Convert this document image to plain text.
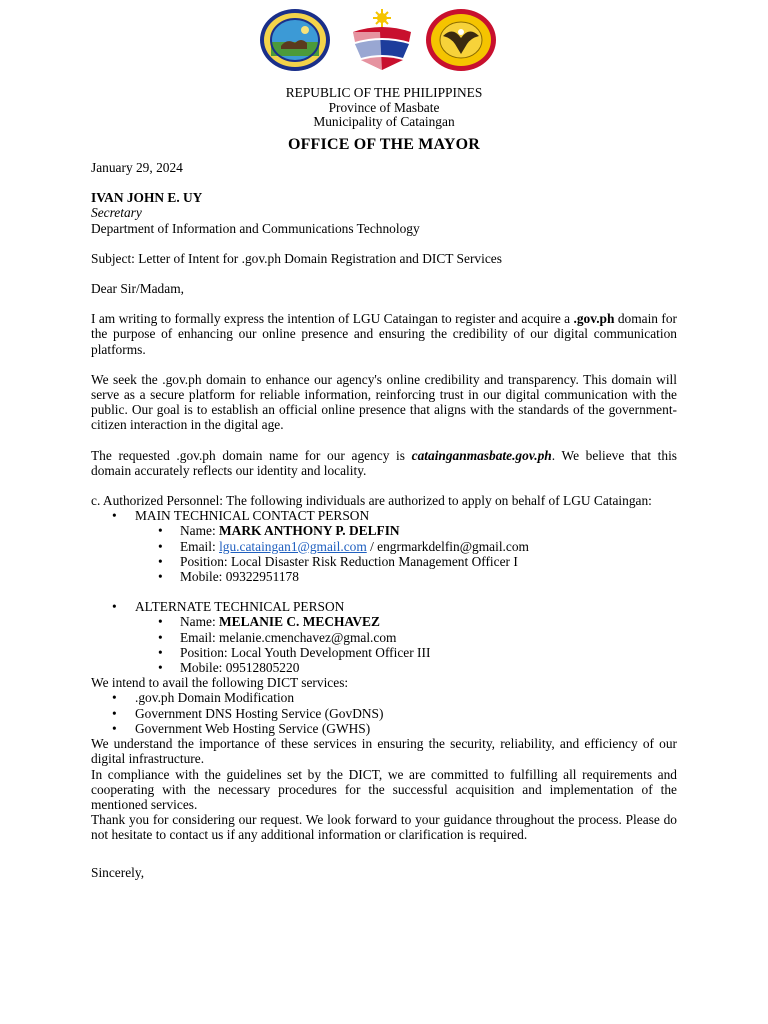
REPUBLIC OF THE PHILIPPINES
Province of Masbate
Municipality of Cataingan
OFFICE OF THE MAYOR

January 29, 2024

IVAN JOHN E. UY

Secretary

Department of Information and Communications Technology

Subject: Letter of Intent for .gov.ph Domain Registration and DICT Services

Dear Sir/Madam,

I am writing to formally express the intention of LGU Cataingan to register and acquire a .gov.ph domain for the purpose of enhancing our online presence and ensuring the credibility of our digital communication platforms.

We seek the .gov.ph domain to enhance our agency's online credibility and transparency. This domain will serve as a secure platform for reliable information, reinforcing trust in our digital communication with the public. Our goal is to establish an official online presence that aligns with the standards of the government-citizen interaction in the digital age.

The requested .gov.ph domain name for our agency is catainganmasbate.gov.ph. We believe that this domain accurately reflects our identity and locality.

c. Authorized Personnel: The following individuals are authorized to apply on behalf of LGU Cataingan:

• MAIN TECHNICAL CONTACT PERSON
• Name: MARK ANTHONY P. DELFIN
• Email: lgu.cataingan1@gmail.com / engrmarkdelfin@gmail.com
• Position: Local Disaster Risk Reduction Management Officer I
• Mobile: 09322951178
• ALTERNATE TECHNICAL PERSON
• Name: MELANIE C. MECHAVEZ
• Email: melanie.cmenchavez@gmal.com
• Position: Local Youth Development Officer III
• Mobile: 09512805220

We intend to avail the following DICT services:

• .gov.ph Domain Modification
• Government DNS Hosting Service (GovDNS)
• Government Web Hosting Service (GWHS)

We understand the importance of these services in ensuring the security, reliability, and efficiency of our digital infrastructure.

In compliance with the guidelines set by the DICT, we are committed to fulfilling all requirements and cooperating with the necessary procedures for the successful acquisition and implementation of the mentioned services.

Thank you for considering our request. We look forward to your guidance throughout the process. Please do not hesitate to contact us if any additional information or clarification is required.

Sincerely,
